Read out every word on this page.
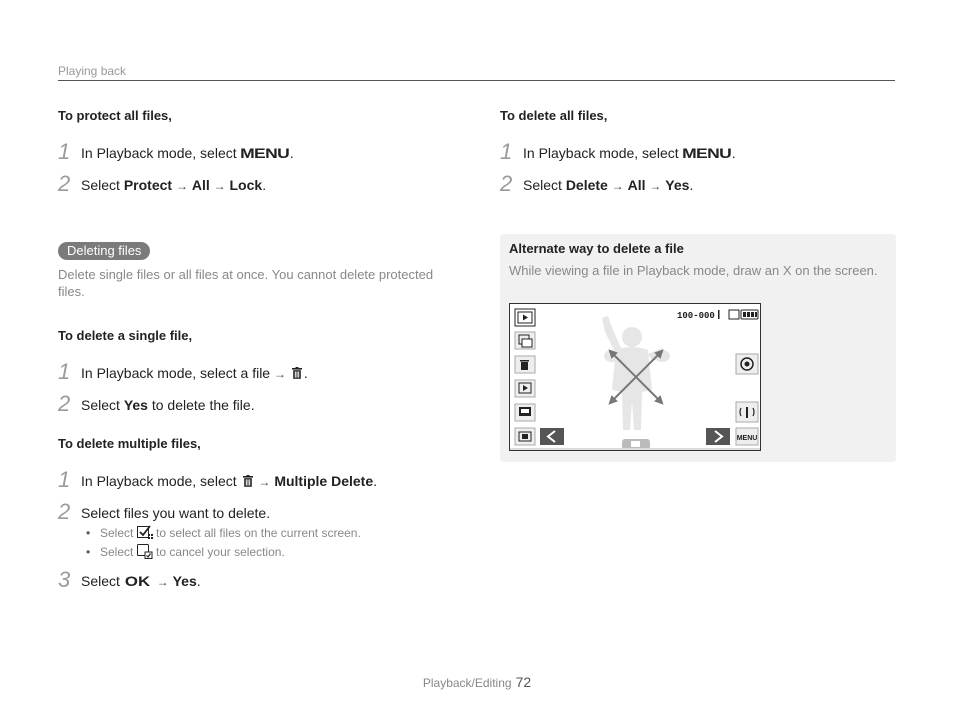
Playing back

To protect all files,

1 In Playback mode, select MENU.
2 Select Protect → All → Lock.
Deleting files

Delete single files or all files at once. You cannot delete protected files.

To delete a single file,

1 In Playback mode, select a file → .
2 Select Yes to delete the file.

To delete multiple files,

1 In Playback mode, select → Multiple Delete.
2 Select files you want to delete.
• Select to select all files on the current screen.
• Select to cancel your selection.
3 Select OK → Yes.

To delete all files,

1 In Playback mode, select MENU.
2 Select Delete → All → Yes.
Alternate way to delete a file
While viewing a file in Playback mode, draw an X on the screen.
100-000
MENU
Playback/Editing 72
